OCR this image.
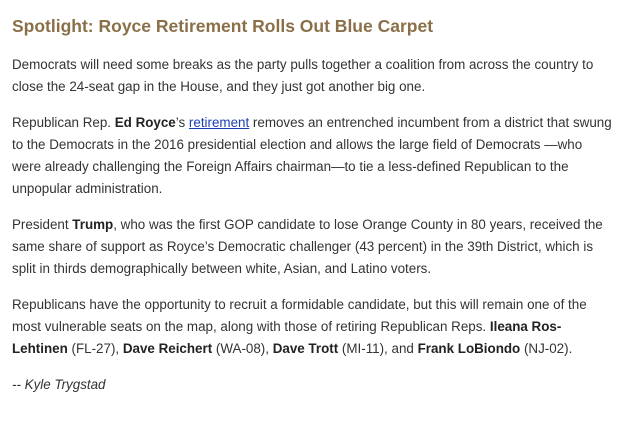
Spotlight: Royce Retirement Rolls Out Blue Carpet

Democrats will need some breaks as the party pulls together a coalition from across the country to close the 24-seat gap in the House, and they just got another big one.

Republican Rep. Ed Royce’s retirement removes an entrenched incumbent from a district that swung to the Democrats in the 2016 presidential election and allows the large field of Democrats —who were already challenging the Foreign Affairs chairman—to tie a less-defined Republican to the unpopular administration.

President Trump, who was the first GOP candidate to lose Orange County in 80 years, received the same share of support as Royce’s Democratic challenger (43 percent) in the 39th District, which is split in thirds demographically between white, Asian, and Latino voters.

Republicans have the opportunity to recruit a formidable candidate, but this will remain one of the most vulnerable seats on the map, along with those of retiring Republican Reps. Ileana Ros-Lehtinen (FL-27), Dave Reichert (WA-08), Dave Trott (MI-11), and Frank LoBiondo (NJ-02).

-- Kyle Trygstad
